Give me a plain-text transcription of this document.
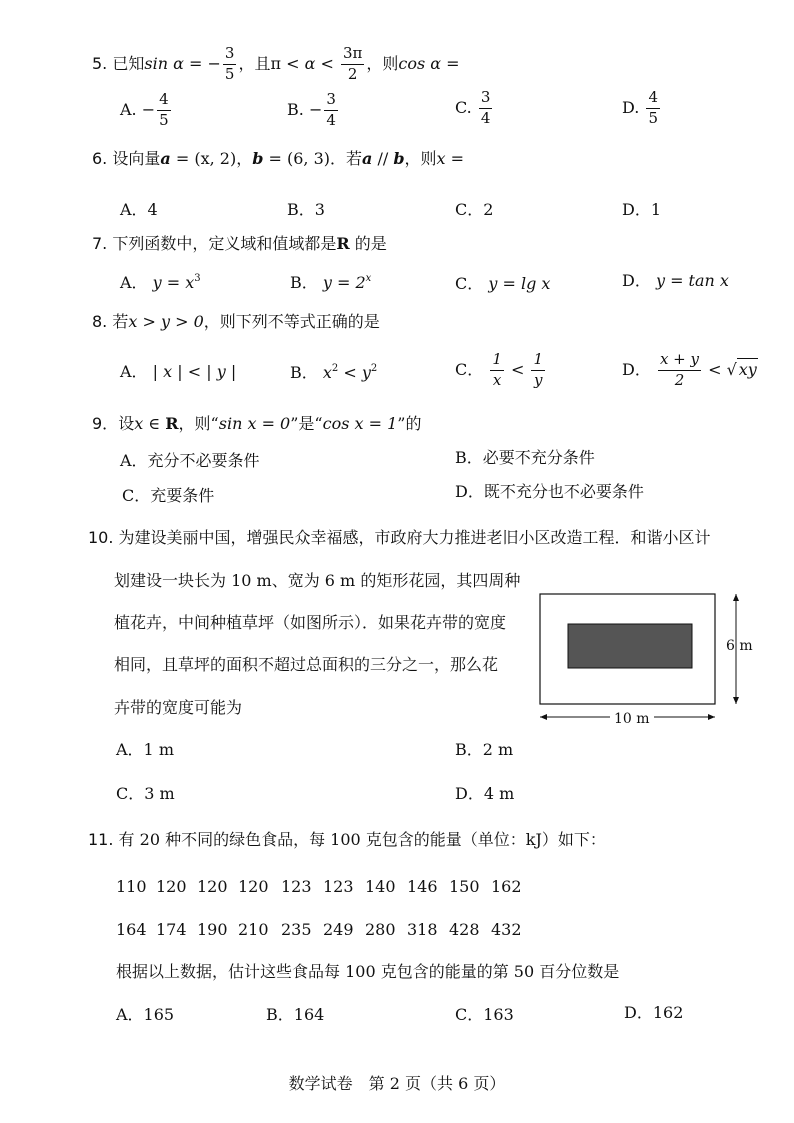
5. 已知sin α = − $\frac{3}{5}$ ，且$\pi < \alpha < \frac{3\pi}{2}$ ，则cos α =
A. − $\frac{4}{5}$	B. − $\frac{3}{4}$	C. $\frac{3}{4}$	D. $\frac{4}{5}$
6. 设向量a = (x, 2)，b = (6, 3)．若a // b，则x =
A．4	B．3	C．2	D．1
7. 下列函数中，定义域和值域都是R 的是
A． $y = x^3$	B． $y = 2^x$	C． y = lg x	D． y = tan x
8. 若x > y > 0，则下列不等式正确的是
A． | x | < | y |	B． $x^2 < y^2$	C． $\frac{1}{x} < \frac{1}{y}$	D． $\frac{x + y}{2}$ < √ xy
9．设x ∈ R，则“sin x = 0”是“cos x = 1”的
A．充分不必要条件	B．必要不充分条件
C．充要条件	D．既不充分也不必要条件
10. 为建设美丽中国，增强民众幸福感，市政府大力推进老旧小区改造工程．和谐小区计
划建设一块长为 10 m、宽为 6 m 的矩形花园，其四周种
植花卉，中间种植草坪（如图所示）．如果花卉带的宽度
相同，且草坪的面积不超过总面积的三分之一，那么花
卉带的宽度可能为
6 m
10 m
A．1 m	B．2 m
C．3 m	D．4 m
11. 有 20 种不同的绿色食品，每 100 克包含的能量（单位：kJ）如下：
110 120 120 120 123 123 140 146 150 162
164 174 190 210 235 249 280 318 428 432
根据以上数据，估计这些食品每 100 克包含的能量的第 50 百分位数是
A．165	B．164	C．163	D．162
数学试卷　第 2 页（共 6 页）
